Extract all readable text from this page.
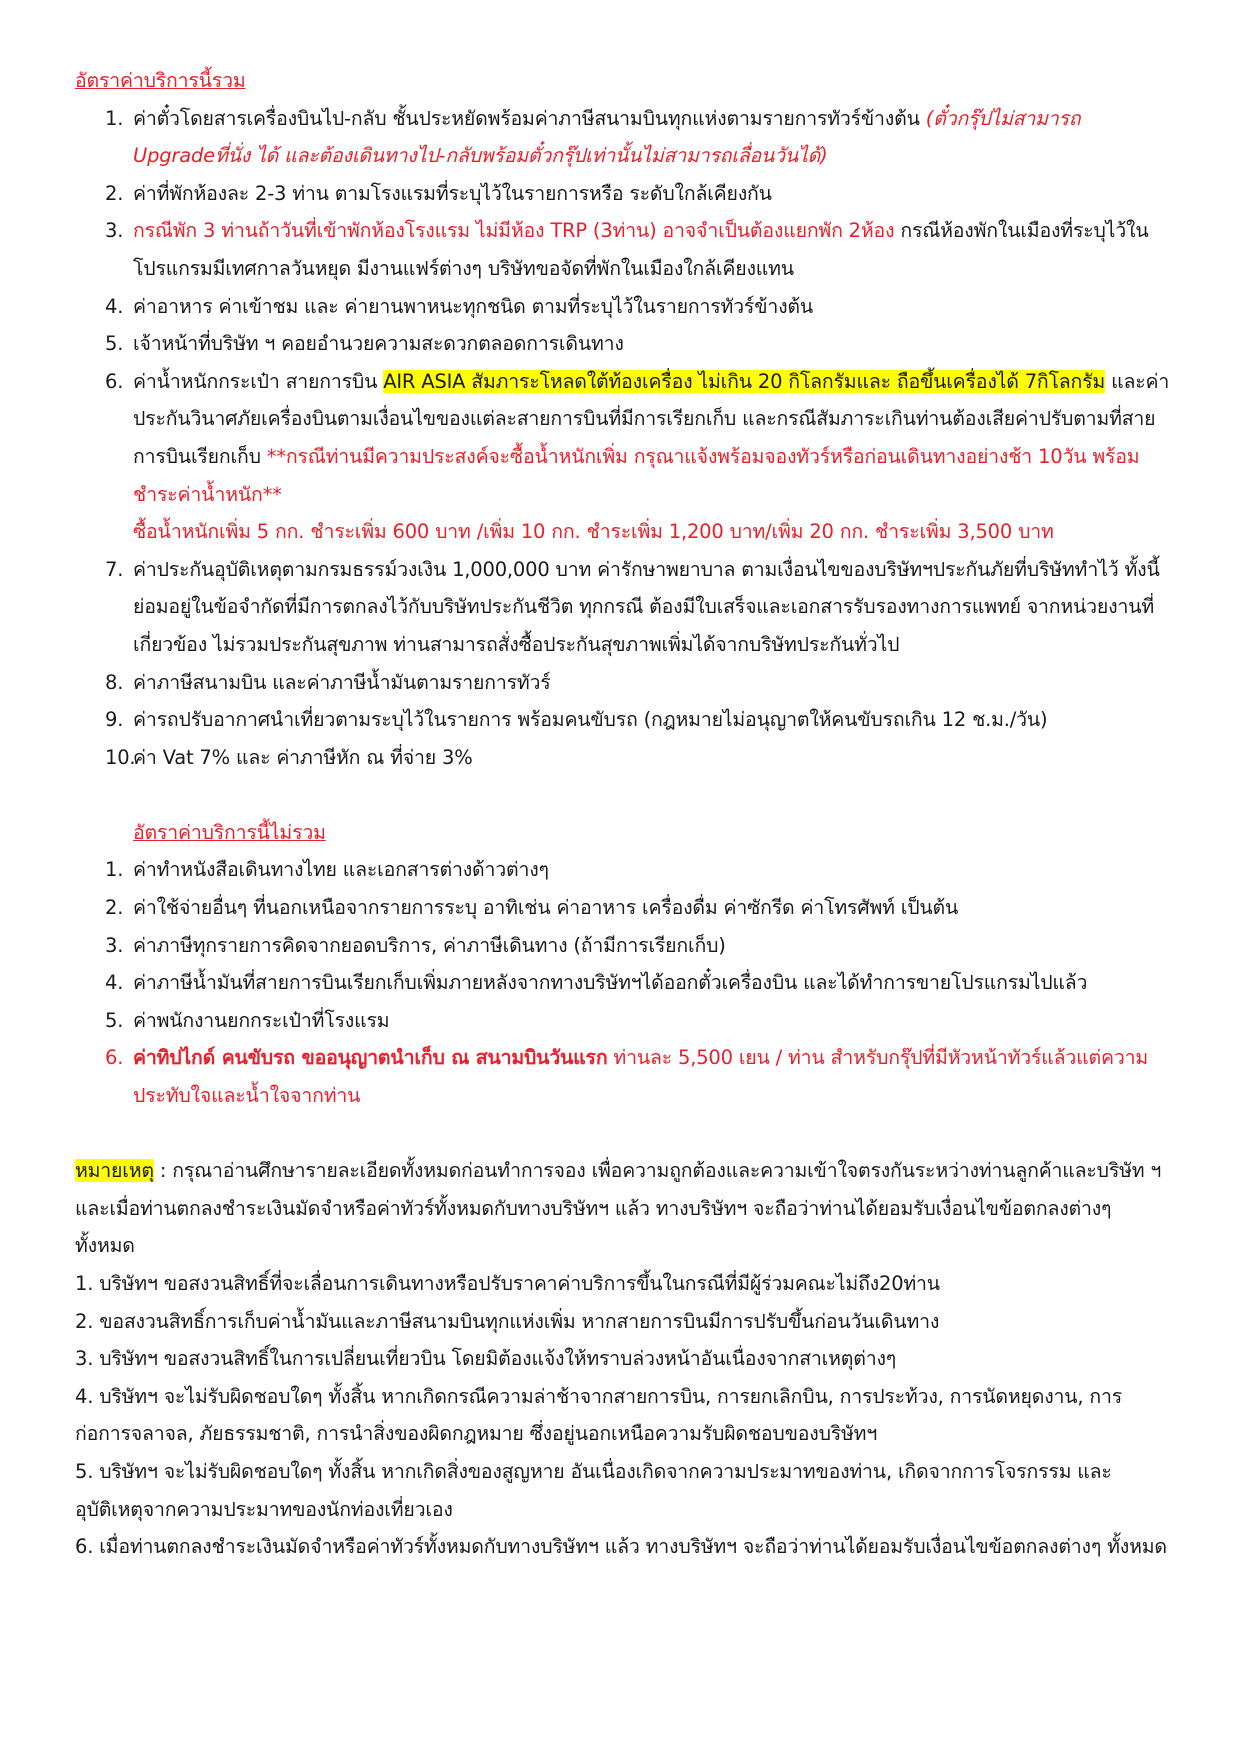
อัตราค่าบริการนี้รวม
1. ค่าตั๋วโดยสารเครื่องบินไป-กลับ ชั้นประหยัดพร้อมค่าภาษีสนามบินทุกแห่งตามรายการทัวร์ข้างต้น (ตั๋วกรุ๊ปไม่สามารถ Upgradeที่นั่ง ได้ และต้องเดินทางไป-กลับพร้อมตั๋วกรุ๊ปเท่านั้นไม่สามารถเลื่อนวันได้)
2. ค่าที่พักห้องละ 2-3 ท่าน ตามโรงแรมที่ระบุไว้ในรายการหรือ ระดับใกล้เคียงกัน
3. กรณีพัก 3 ท่านถ้าวันที่เข้าพักห้องโรงแรม ไม่มีห้อง TRP (3ท่าน) อาจจำเป็นต้องแยกพัก 2ห้อง กรณีห้องพักในเมืองที่ระบุไว้ในโปรแกรมมีเทศกาลวันหยุด มีงานแฟร์ต่างๆ บริษัทขอจัดที่พักในเมืองใกล้เคียงแทน
4. ค่าอาหาร ค่าเข้าชม และ ค่ายานพาหนะทุกชนิด ตามที่ระบุไว้ในรายการทัวร์ข้างต้น
5. เจ้าหน้าที่บริษัท ฯ คอยอำนวยความสะดวกตลอดการเดินทาง
6. ค่าน้ำหนักกระเป๋า สายการบิน AIR ASIA สัมภาระโหลดใต้ท้องเครื่อง ไม่เกิน 20 กิโลกรัมและ ถือขึ้นเครื่องได้ 7กิโลกรัม และค่าประกันวินาศภัยเครื่องบินตามเงื่อนไขของแต่ละสายการบินที่มีการเรียกเก็บ และกรณีสัมภาระเกินท่านต้องเสียค่าปรับตามที่สายการบินเรียกเก็บ **กรณีท่านมีความประสงค์จะซื้อน้ำหนักเพิ่ม กรุณาแจ้งพร้อมจองทัวร์หรือก่อนเดินทางอย่างช้า 10วัน พร้อมชำระค่าน้ำหนัก**
ซื้อน้ำหนักเพิ่ม 5 กก. ชำระเพิ่ม 600 บาท /เพิ่ม 10 กก. ชำระเพิ่ม 1,200 บาท/เพิ่ม 20 กก. ชำระเพิ่ม 3,500 บาท
7. ค่าประกันอุบัติเหตุตามกรมธรรม์วงเงิน 1,000,000 บาท ค่ารักษาพยาบาล ตามเงื่อนไขของบริษัทฯประกันภัยที่บริษัททำไว้ ทั้งนี้ย่อมอยู่ในข้อจำกัดที่มีการตกลงไว้กับบริษัทประกันชีวิต ทุกกรณี ต้องมีใบเสร็จและเอกสารรับรองทางการแพทย์ จากหน่วยงานที่เกี่ยวข้อง ไม่รวมประกันสุขภาพ ท่านสามารถสั่งซื้อประกันสุขภาพเพิ่มได้จากบริษัทประกันทั่วไป
8. ค่าภาษีสนามบิน และค่าภาษีน้ำมันตามรายการทัวร์
9. ค่ารถปรับอากาศนำเที่ยวตามระบุไว้ในรายการ พร้อมคนขับรถ (กฎหมายไม่อนุญาตให้คนขับรถเกิน 12 ช.ม./วัน)
10.
ค่า Vat 7% และ ค่าภาษีหัก ณ ที่จ่าย 3%
อัตราค่าบริการนี้ไม่รวม
1. ค่าทำหนังสือเดินทางไทย และเอกสารต่างด้าวต่างๆ
2. ค่าใช้จ่ายอื่นๆ ที่นอกเหนือจากรายการระบุ อาทิเช่น ค่าอาหาร เครื่องดื่ม ค่าซักรีด ค่าโทรศัพท์ เป็นต้น
3. ค่าภาษีทุกรายการคิดจากยอดบริการ, ค่าภาษีเดินทาง (ถ้ามีการเรียกเก็บ)
4. ค่าภาษีน้ำมันที่สายการบินเรียกเก็บเพิ่มภายหลังจากทางบริษัทฯได้ออกตั๋วเครื่องบิน และได้ทำการขายโปรแกรมไปแล้ว
5. ค่าพนักงานยกกระเป๋าที่โรงแรม
6. ค่าทิปไกด์ คนขับรถ ขออนุญาตนำเก็บ ณ สนามบินวันแรก ท่านละ 5,500 เยน / ท่าน สำหรับกรุ๊ปที่มีหัวหน้าทัวร์แล้วแต่ความประทับใจและน้ำใจจากท่าน

หมายเหตุ : กรุณาอ่านศึกษารายละเอียดทั้งหมดก่อนทำการจอง เพื่อความถูกต้องและความเข้าใจตรงกันระหว่างท่านลูกค้าและบริษัท ฯ และเมื่อท่านตกลงชำระเงินมัดจำหรือค่าทัวร์ทั้งหมดกับทางบริษัทฯ แล้ว ทางบริษัทฯ จะถือว่าท่านได้ยอมรับเงื่อนไขข้อตกลงต่างๆ ทั้งหมด

1. บริษัทฯ ขอสงวนสิทธิ์ที่จะเลื่อนการเดินทางหรือปรับราคาค่าบริการขึ้นในกรณีที่มีผู้ร่วมคณะไม่ถึง20ท่าน

2. ขอสงวนสิทธิ์การเก็บค่าน้ำมันและภาษีสนามบินทุกแห่งเพิ่ม หากสายการบินมีการปรับขึ้นก่อนวันเดินทาง

3. บริษัทฯ ขอสงวนสิทธิ์ในการเปลี่ยนเที่ยวบิน โดยมิต้องแจ้งให้ทราบล่วงหน้าอันเนื่องจากสาเหตุต่างๆ

4. บริษัทฯ จะไม่รับผิดชอบใดๆ ทั้งสิ้น หากเกิดกรณีความล่าช้าจากสายการบิน, การยกเลิกบิน, การประท้วง, การนัดหยุดงาน, การก่อการจลาจล, ภัยธรรมชาติ, การนำสิ่งของผิดกฎหมาย ซึ่งอยู่นอกเหนือความรับผิดชอบของบริษัทฯ

5. บริษัทฯ จะไม่รับผิดชอบใดๆ ทั้งสิ้น หากเกิดสิ่งของสูญหาย อันเนื่องเกิดจากความประมาทของท่าน, เกิดจากการโจรกรรม และ อุบัติเหตุจากความประมาทของนักท่องเที่ยวเอง

6. เมื่อท่านตกลงชำระเงินมัดจำหรือค่าทัวร์ทั้งหมดกับทางบริษัทฯ แล้ว ทางบริษัทฯ จะถือว่าท่านได้ยอมรับเงื่อนไขข้อตกลงต่างๆ ทั้งหมด
